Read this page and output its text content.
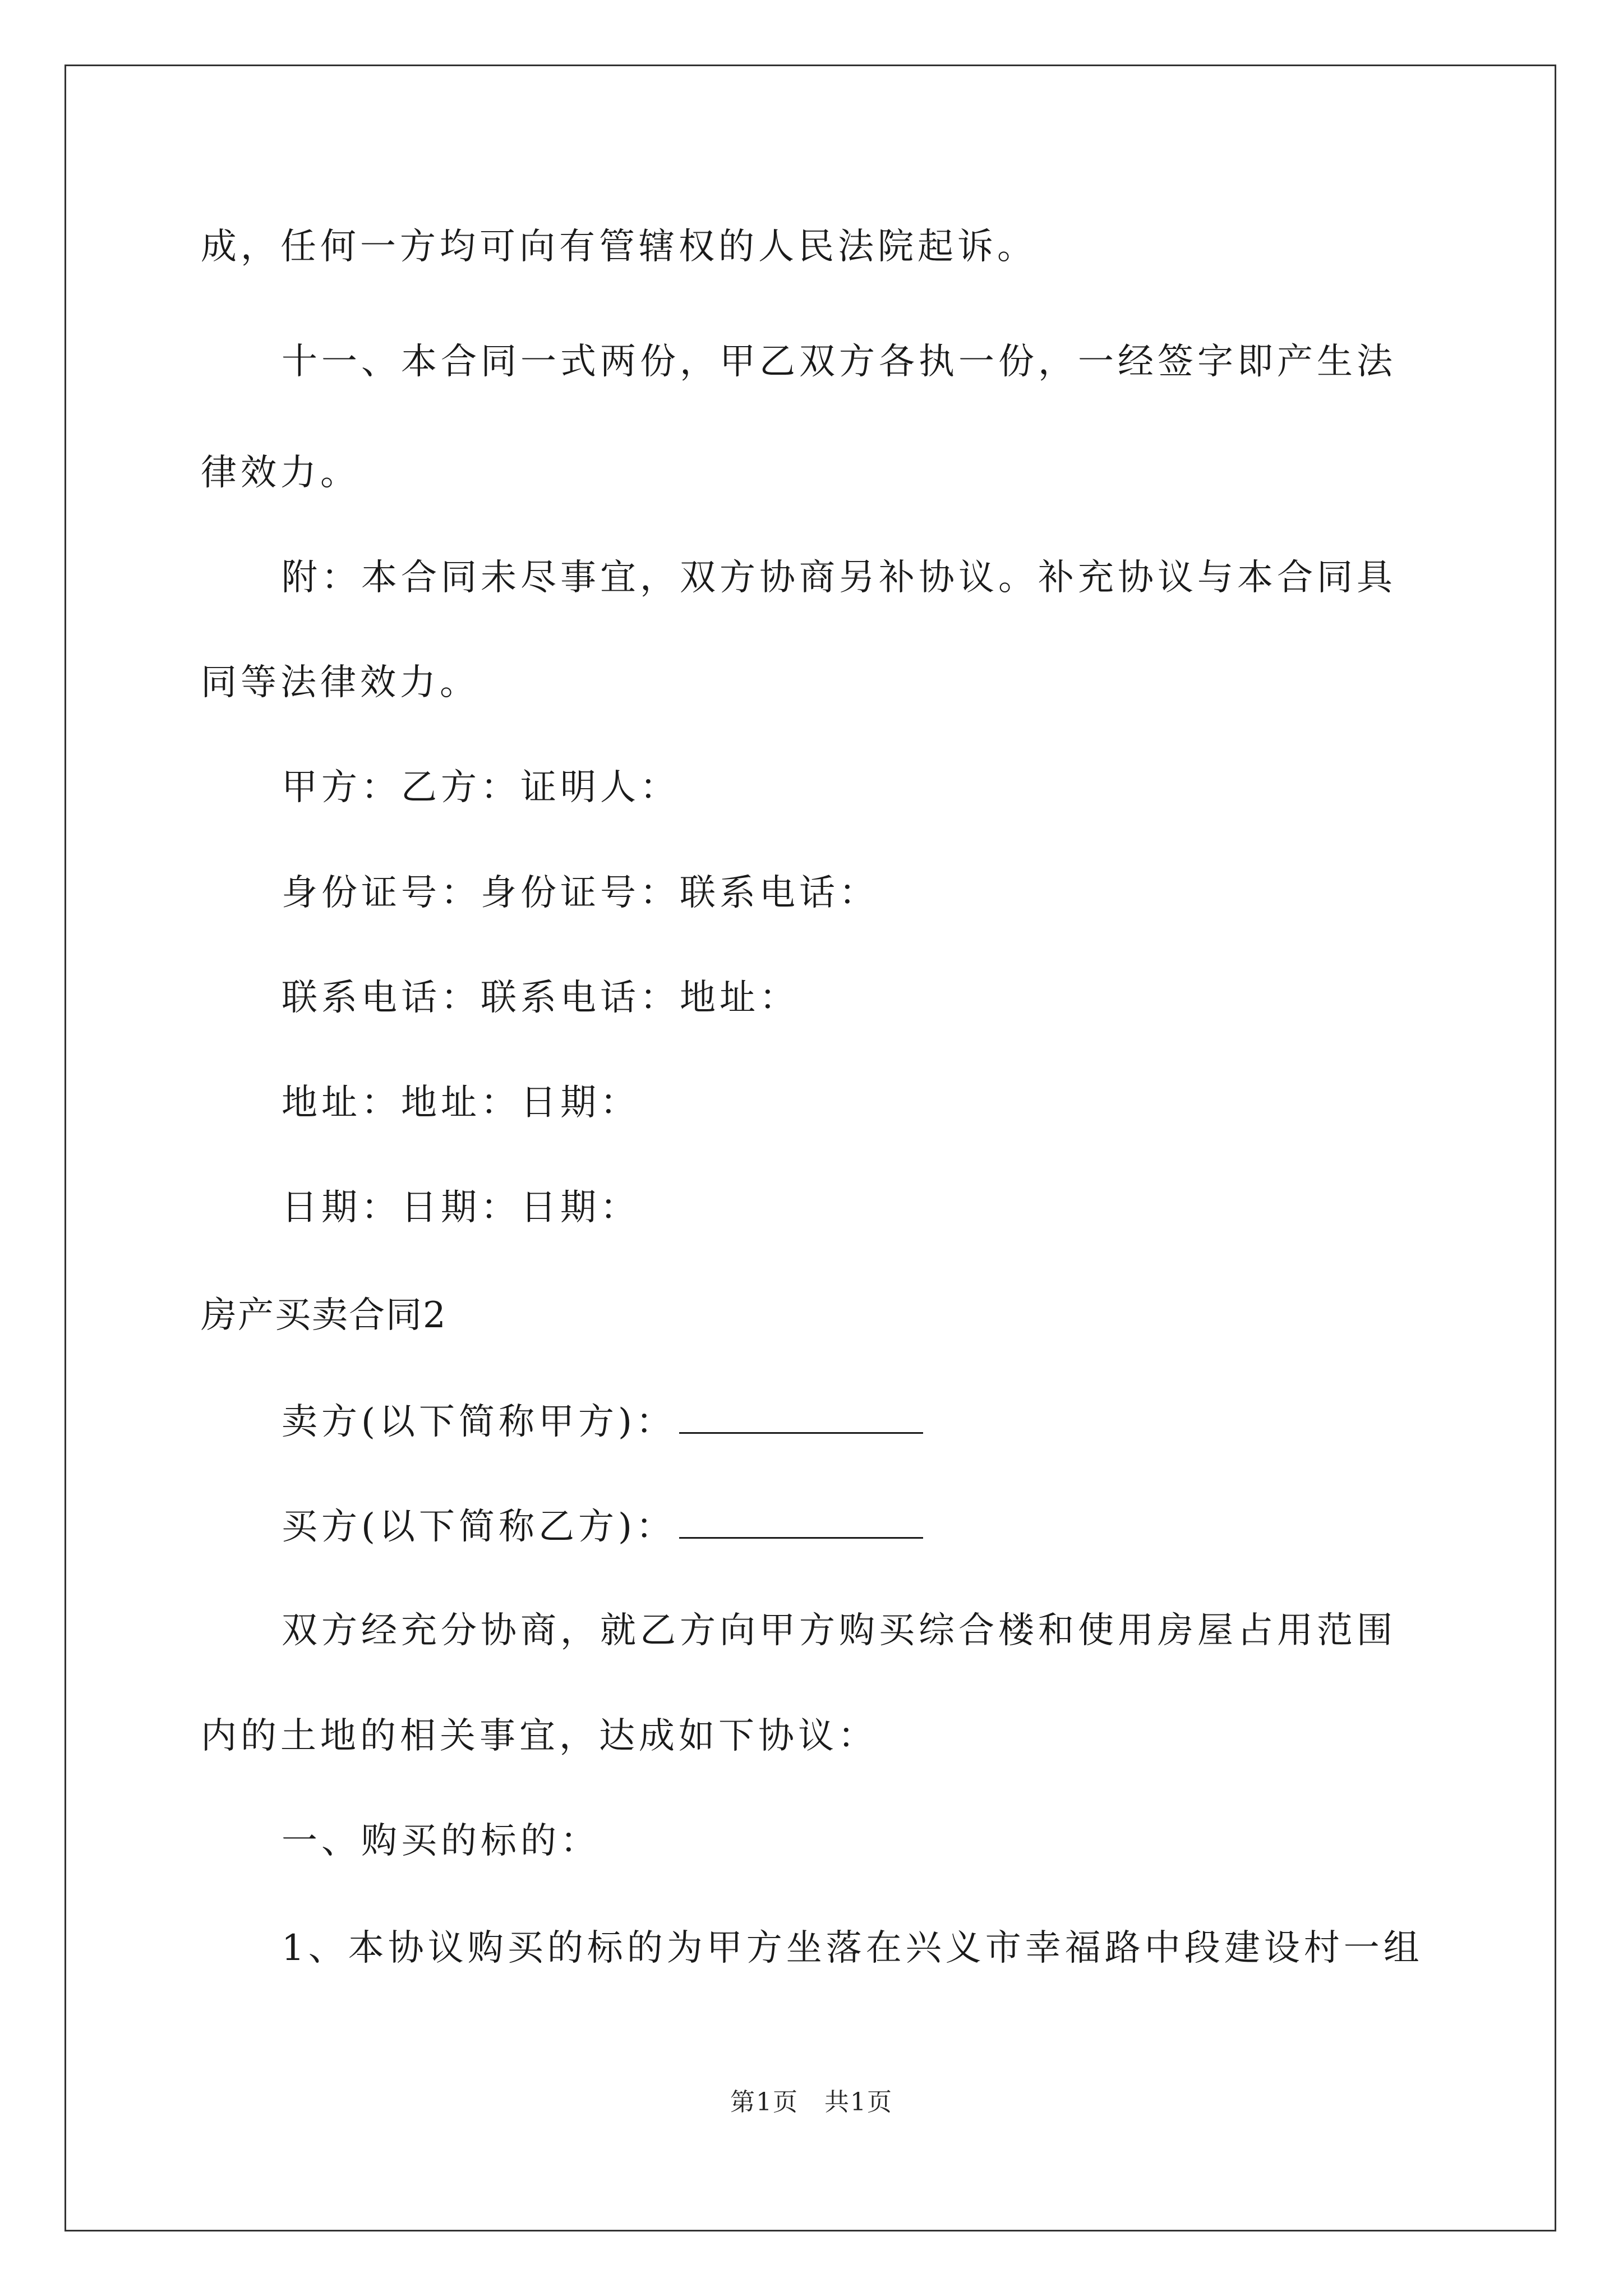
成，任何一方均可向有管辖权的人民法院起诉。
十一、本合同一式两份，甲乙双方各执一份，一经签字即产生法
律效力。
附：本合同未尽事宜，双方协商另补协议。补充协议与本合同具
同等法律效力。
甲方：乙方：证明人：
身份证号：身份证号：联系电话：
联系电话：联系电话：地址：
地址：地址：日期：
日期：日期：日期：
房产买卖合同2
卖方(以下简称甲方)：
买方(以下简称乙方)：
双方经充分协商，就乙方向甲方购买综合楼和使用房屋占用范围
内的土地的相关事宜，达成如下协议：
一、购买的标的：
1、本协议购买的标的为甲方坐落在兴义市幸福路中段建设村一组
第1页　共1页
